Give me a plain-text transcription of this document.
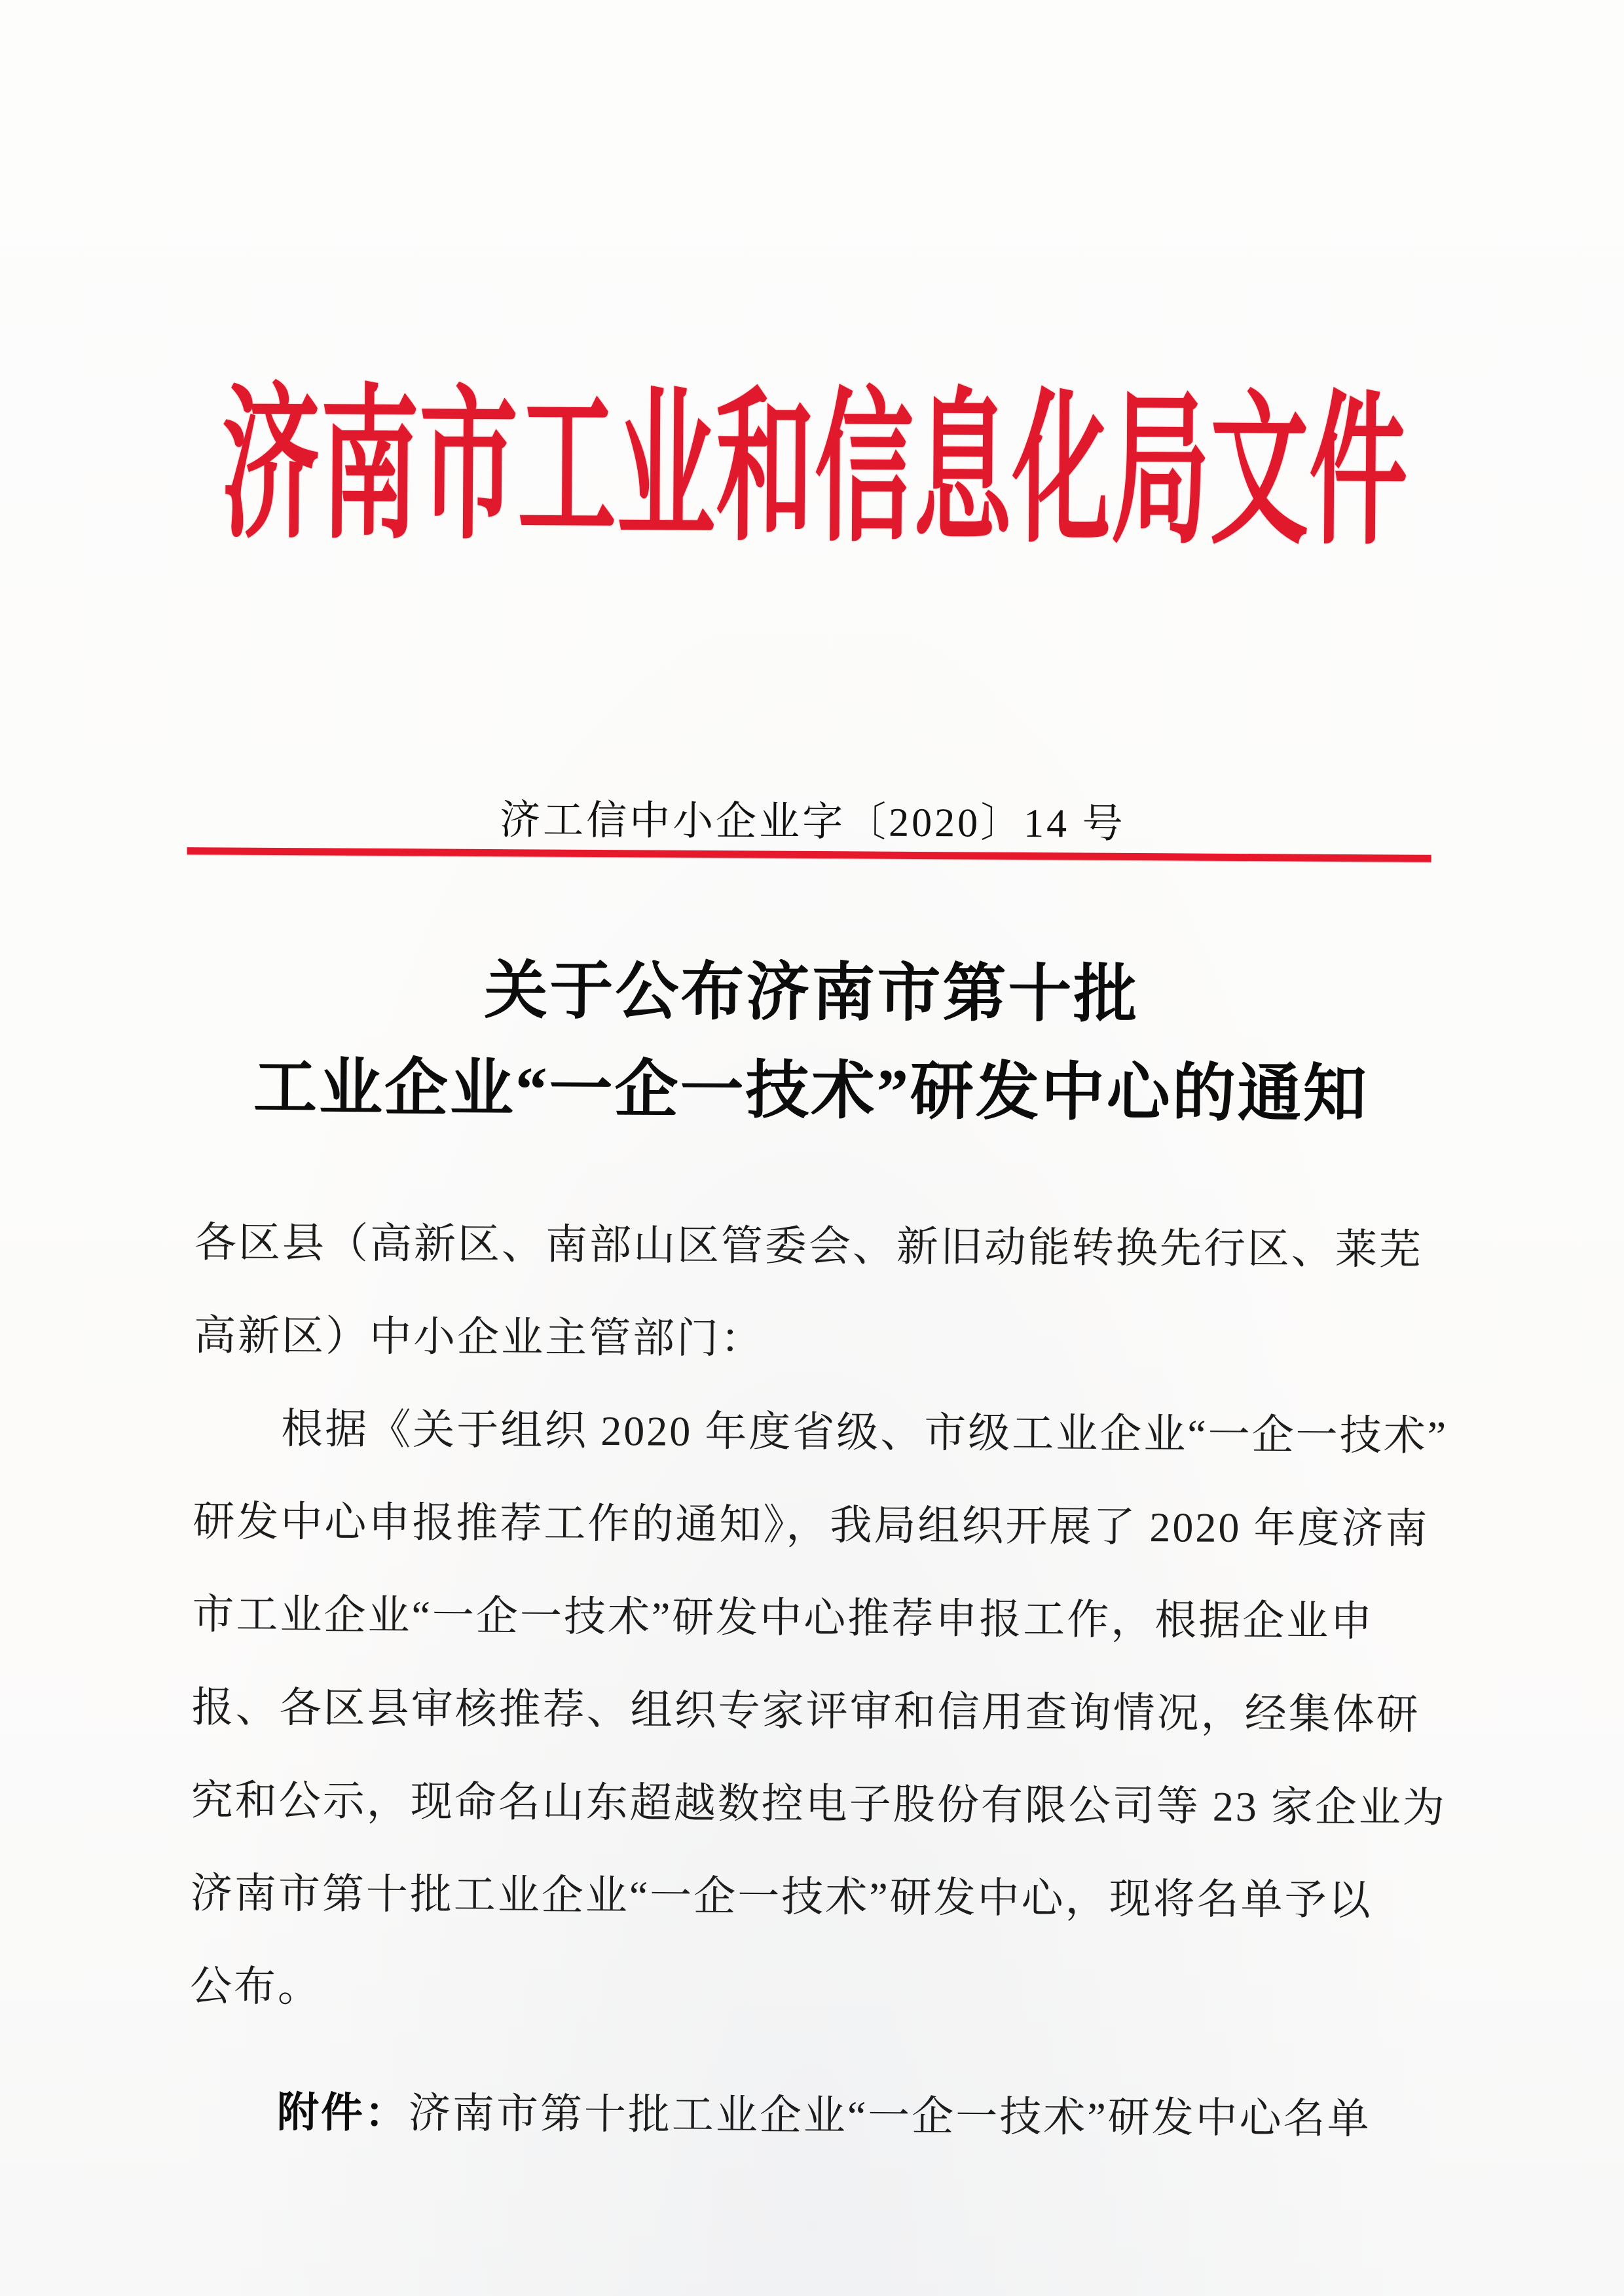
济南市工业和信息化局文件
济工信中小企业字〔2020〕14 号
关于公布济南市第十批
工业企业“一企一技术”研发中心的通知
各区县（高新区、南部山区管委会、新旧动能转换先行区、莱芜
高新区）中小企业主管部门：
根据《关于组织 2020 年度省级、市级工业企业“一企一技术”
研发中心申报推荐工作的通知》，我局组织开展了 2020 年度济南
市工业企业“一企一技术”研发中心推荐申报工作，根据企业申
报、各区县审核推荐、组织专家评审和信用查询情况，经集体研
究和公示，现命名山东超越数控电子股份有限公司等 23 家企业为
济南市第十批工业企业“一企一技术”研发中心，现将名单予以
公布。
附件：济南市第十批工业企业“一企一技术”研发中心名单
